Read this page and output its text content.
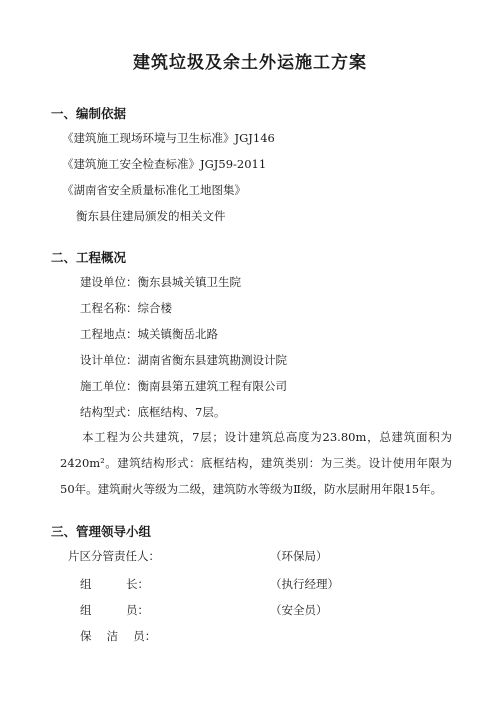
建筑垃圾及余土外运施工方案
一、编制依据
《建筑施工现场环境与卫生标准》JGJ146
《建筑施工安全检查标准》JGJ59-2011
《湖南省安全质量标准化工地图集》
衡东县住建局颁发的相关文件
二、工程概况
建设单位：衡东县城关镇卫生院
工程名称：综合楼
工程地点：城关镇衡岳北路
设计单位：湖南省衡东县建筑勘测设计院
施工单位：衡南县第五建筑工程有限公司
结构型式：底框结构、7层。
本工程为公共建筑，7层；设计建筑总高度为23.80m，总建筑面积为2420m²。建筑结构形式：底框结构，建筑类别：为三类。设计使用年限为50年。建筑耐火等级为二级，建筑防水等级为Ⅱ级，防水层耐用年限15年。
三、管理领导小组
片区分管责任人：	（环保局）
组　　　长：	（执行经理）
组　　　员：	（安全员）
保　 洁　 员：
